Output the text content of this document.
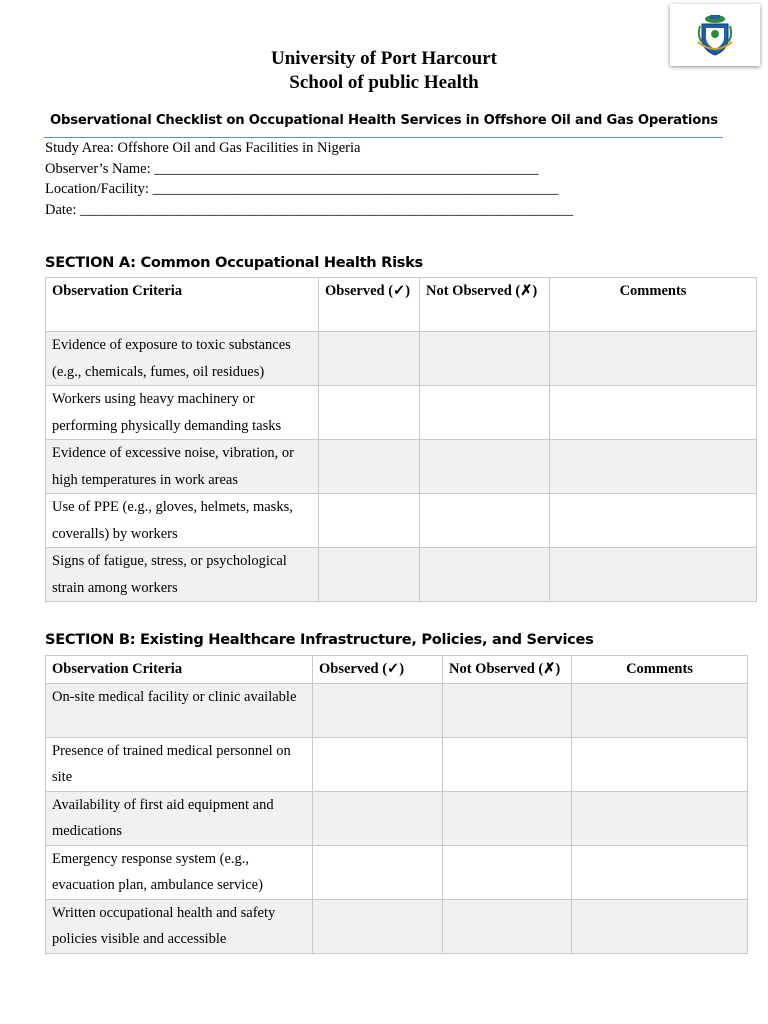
University of Port Harcourt
School of public Health
Observational Checklist on Occupational Health Services in Offshore Oil and Gas Operations
Study Area: Offshore Oil and Gas Facilities in Nigeria
Observer’s Name: _____________________________________________________
Location/Facility: ________________________________________________________
Date: ____________________________________________________________________
SECTION A: Common Occupational Health Risks
Observation Criteria	Observed (✓)	Not Observed (✗)	Comments
Evidence of exposure to toxic substances (e.g., chemicals, fumes, oil residues)			
Workers using heavy machinery or performing physically demanding tasks			
Evidence of excessive noise, vibration, or high temperatures in work areas			
Use of PPE (e.g., gloves, helmets, masks, coveralls) by workers			
Signs of fatigue, stress, or psychological strain among workers			
SECTION B: Existing Healthcare Infrastructure, Policies, and Services
Observation Criteria	Observed (✓)	Not Observed (✗)	Comments
On-site medical facility or clinic available			
Presence of trained medical personnel on site			
Availability of first aid equipment and medications			
Emergency response system (e.g., evacuation plan, ambulance service)			
Written occupational health and safety policies visible and accessible			
